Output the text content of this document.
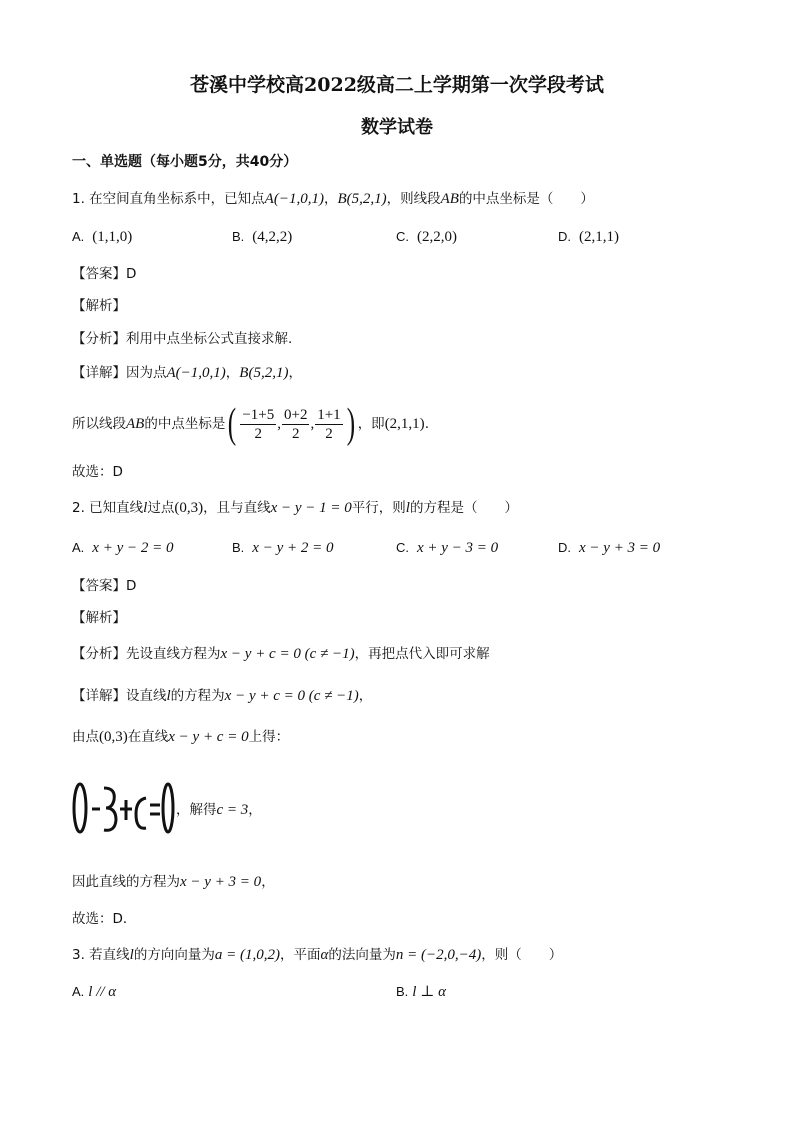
苍溪中学校高2022级高二上学期第一次学段考试
数学试卷
一、单选题（每小题5分，共40分）
1. 在空间直角坐标系中，已知点A(−1,0,1)，B(5,2,1)，则线段AB的中点坐标是（　　）
A. (1,1,0)	B. (4,2,2)	C. (2,2,0)	D. (2,1,1)
【答案】D
【解析】
【分析】利用中点坐标公式直接求解.
【详解】因为点A(−1,0,1)，B(5,2,1)，
所以线段AB的中点坐标是( $\frac{-1+5}{2}$ , $\frac{0+2}{2}$ , $\frac{1+1}{2}$ ) ，即(2,1,1).
故选：D
2. 已知直线l过点(0,3)，且与直线x − y − 1 = 0平行，则l的方程是（　　）
A. x + y − 2 = 0	B. x − y + 2 = 0	C. x + y − 3 = 0	D. x − y + 3 = 0
【答案】D
【解析】
【分析】先设直线方程为x − y + c = 0 (c ≠ −1)，再把点代入即可求解
【详解】设直线l的方程为x − y + c = 0 (c ≠ −1)，
由点(0,3)在直线x − y + c = 0上得：
，解得c = 3，
因此直线的方程为x − y + 3 = 0，
故选：D．
3. 若直线l的方向向量为a = (1,0,2)，平面α的法向量为n = (−2,0,−4)，则（　　）
A. l // α	B. l ⊥ α
